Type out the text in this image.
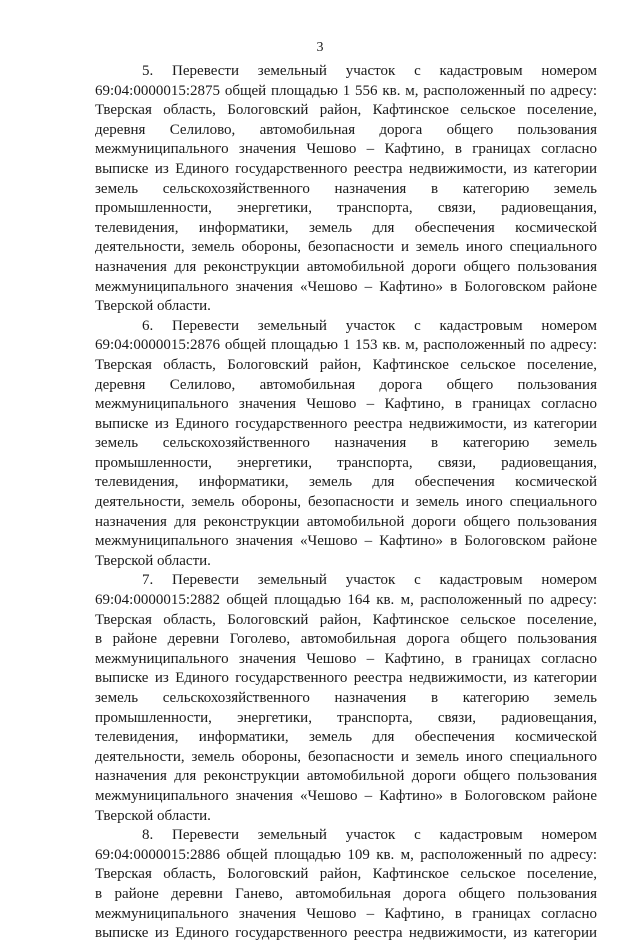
3
5. Перевести земельный участок с кадастровым номером
69:04:0000015:2875 общей площадью 1 556 кв. м, расположенный по адресу:
Тверская область, Бологовский район, Кафтинское сельское поселение,
деревня Селилово, автомобильная дорога общего пользования
межмуниципального значения Чешово – Кафтино, в границах согласно
выписке из Единого государственного реестра недвижимости, из категории
земель сельскохозяйственного назначения в категорию земель
промышленности, энергетики, транспорта, связи, радиовещания,
телевидения, информатики, земель для обеспечения космической
деятельности, земель обороны, безопасности и земель иного специального
назначения для реконструкции автомобильной дороги общего пользования
межмуниципального значения «Чешово – Кафтино» в Бологовском районе
Тверской области.
6. Перевести земельный участок с кадастровым номером
69:04:0000015:2876 общей площадью 1 153 кв. м, расположенный по адресу:
Тверская область, Бологовский район, Кафтинское сельское поселение,
деревня Селилово, автомобильная дорога общего пользования
межмуниципального значения Чешово – Кафтино, в границах согласно
выписке из Единого государственного реестра недвижимости, из категории
земель сельскохозяйственного назначения в категорию земель
промышленности, энергетики, транспорта, связи, радиовещания,
телевидения, информатики, земель для обеспечения космической
деятельности, земель обороны, безопасности и земель иного специального
назначения для реконструкции автомобильной дороги общего пользования
межмуниципального значения «Чешово – Кафтино» в Бологовском районе
Тверской области.
7. Перевести земельный участок с кадастровым номером
69:04:0000015:2882 общей площадью 164 кв. м, расположенный по адресу:
Тверская область, Бологовский район, Кафтинское сельское поселение,
в районе деревни Гоголево, автомобильная дорога общего пользования
межмуниципального значения Чешово – Кафтино, в границах согласно
выписке из Единого государственного реестра недвижимости, из категории
земель сельскохозяйственного назначения в категорию земель
промышленности, энергетики, транспорта, связи, радиовещания,
телевидения, информатики, земель для обеспечения космической
деятельности, земель обороны, безопасности и земель иного специального
назначения для реконструкции автомобильной дороги общего пользования
межмуниципального значения «Чешово – Кафтино» в Бологовском районе
Тверской области.
8. Перевести земельный участок с кадастровым номером
69:04:0000015:2886 общей площадью 109 кв. м, расположенный по адресу:
Тверская область, Бологовский район, Кафтинское сельское поселение,
в районе деревни Ганево, автомобильная дорога общего пользования
межмуниципального значения Чешово – Кафтино, в границах согласно
выписке из Единого государственного реестра недвижимости, из категории
